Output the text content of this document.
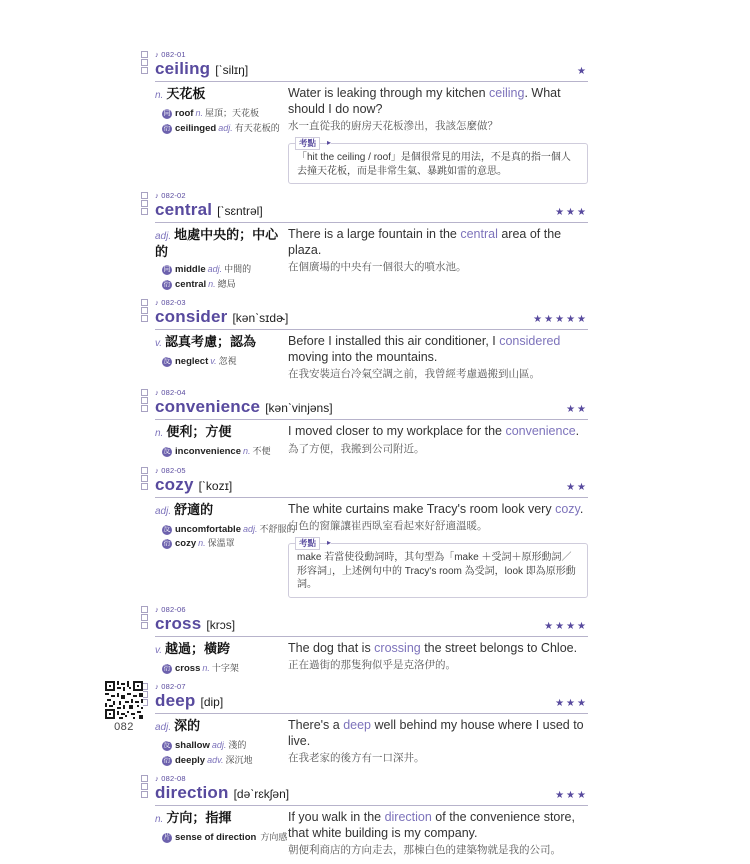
♪ 082-01
ceiling [ˋsilɪŋ]	★
n. 天花板
同 roof n. 屋頂；天花板
衍 ceilinged adj. 有天花板的

Water is leaking through my kitchen ceiling. What should I do now?

水一直從我的廚房天花板滲出，我該怎麼做？

考點	▸
「hit the ceiling / roof」是個很常見的用法，不是真的指一個人去撞天花板，而是非常生氣、暴跳如雷的意思。
♪ 082-02
central [ˋsɛntrəl]	★★★
adj. 地處中央的；中心的
同 middle adj. 中間的
衍 central n. 總局

There is a large fountain in the central area of the plaza.

在個廣場的中央有一個很大的噴水池。

♪ 082-03
consider [kənˋsɪdɚ]	★★★★★
v. 認真考慮；認為
反 neglect v. 忽視

Before I installed this air conditioner, I considered moving into the mountains.

在我安裝這台冷氣空調之前，我曾經考慮過搬到山區。

♪ 082-04
convenience [kənˋvinjəns]	★★
n. 便利；方便
反 inconvenience n. 不便

I moved closer to my workplace for the convenience.

為了方便，我搬到公司附近。

♪ 082-05
cozy [ˋkozɪ]	★★
adj. 舒適的
反 uncomfortable adj. 不舒服的
衍 cozy n. 保溫罩

The white curtains make Tracy's room look very cozy.

白色的窗簾讓崔西臥室看起來好舒適溫暖。

考點	▸
make 若當使役動詞時，其句型為「make ＋受詞＋原形動詞／形容詞」，上述例句中的 Tracy's room 為受詞，look 即為原形動詞。
♪ 082-06
cross [krɔs]	★★★★
v. 越過；橫跨
衍 cross n. 十字架

The dog that is crossing the street belongs to Chloe.

正在過街的那隻狗似乎是克洛伊的。

♪ 082-07
deep [dip]	★★★
adj. 深的
反 shallow adj. 淺的
衍 deeply adv. 深沉地

There's a deep well behind my house where I used to live.

在我老家的後方有一口深井。

♪ 082-08
direction [dəˋrɛkʃən]	★★★
n. 方向；指揮
片 sense of direction 方向感

If you walk in the direction of the convenience store, that white building is my company.

朝便利商店的方向走去，那棟白色的建築物就是我的公司。

082
